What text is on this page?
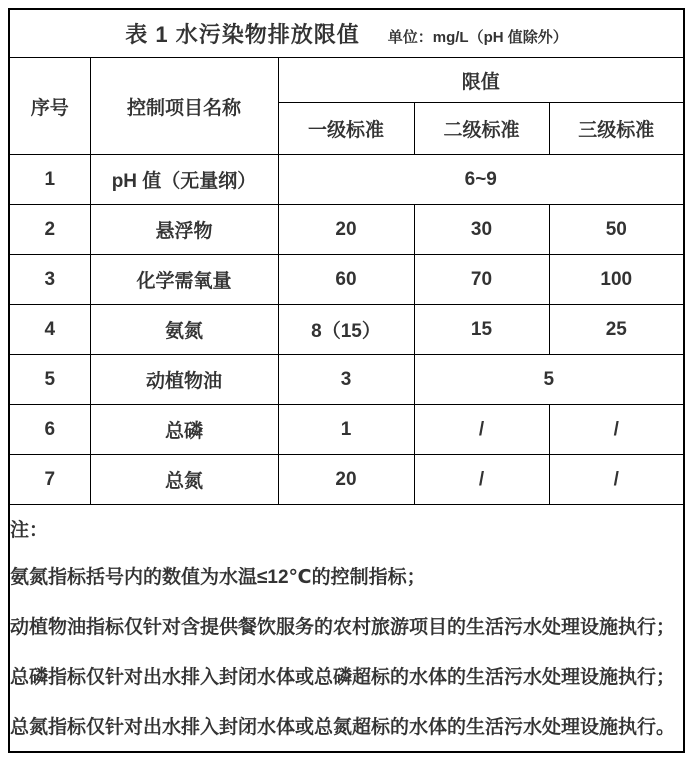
表 1 水污染物排放限值 单位：mg/L（pH 值除外）				
序号	控制项目名称	限值		
		一级标准	二级标准	三级标准
1	pH 值（无量纲）	6~9		
2	悬浮物	20	30	50
3	化学需氧量	60	70	100
4	氨氮	8（15）	15	25
5	动植物油	3	5	
6	总磷	1	/	/
7	总氮	20	/	/

注：
氨氮指标括号内的数值为水温≤12℃的控制指标；
动植物油指标仅针对含提供餐饮服务的农村旅游项目的生活污水处理设施执行；
总磷指标仅针对出水排入封闭水体或总磷超标的水体的生活污水处理设施执行；
总氮指标仅针对出水排入封闭水体或总氮超标的水体的生活污水处理设施执行。				
